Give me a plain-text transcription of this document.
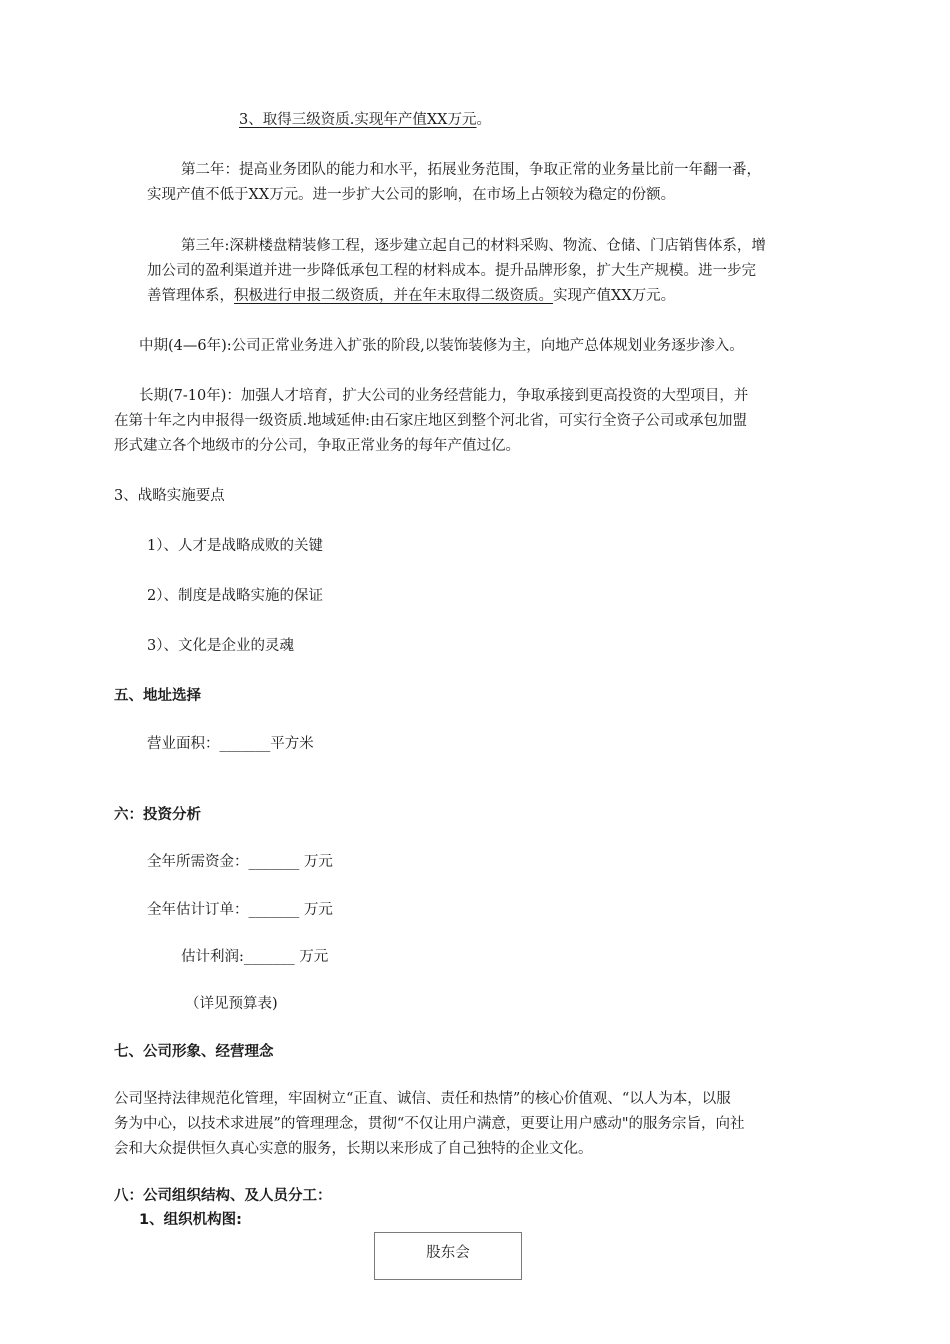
3、取得三级资质.实现年产值XX万元。
第二年：提高业务团队的能力和水平，拓展业务范围，争取正常的业务量比前一年翻一番，
实现产值不低于XX万元。进一步扩大公司的影响，在市场上占领较为稳定的份额。
第三年:深耕楼盘精装修工程，逐步建立起自己的材料采购、物流、仓储、门店销售体系，增
加公司的盈利渠道并进一步降低承包工程的材料成本。提升品牌形象，扩大生产规模。进一步完
善管理体系，积极进行申报二级资质，并在年末取得二级资质。实现产值XX万元。
中期(4—6年):公司正常业务进入扩张的阶段,以装饰装修为主，向地产总体规划业务逐步渗入。
长期(7-10年)：加强人才培育，扩大公司的业务经营能力，争取承接到更高投资的大型项目，并
在第十年之内申报得一级资质.地域延伸:由石家庄地区到整个河北省，可实行全资子公司或承包加盟
形式建立各个地级市的分公司，争取正常业务的每年产值过亿。
3、战略实施要点
1）、人才是战略成败的关键
2）、制度是战略实施的保证
3）、文化是企业的灵魂
五、地址选择
营业面积：_______平方米
六：投资分析
全年所需资金：_______ 万元
全年估计订单：_______ 万元
估计利润:_______ 万元
（详见预算表)
七、公司形象、经营理念
公司坚持法律规范化管理，牢固树立“正直、诚信、责任和热情”的核心价值观、“以人为本，以服
务为中心，以技术求进展”的管理理念，贯彻“不仅让用户满意，更要让用户感动"的服务宗旨，向社
会和大众提供恒久真心实意的服务，长期以来形成了自己独特的企业文化。
八：公司组织结构、及人员分工：
1、组织机构图:
股东会
